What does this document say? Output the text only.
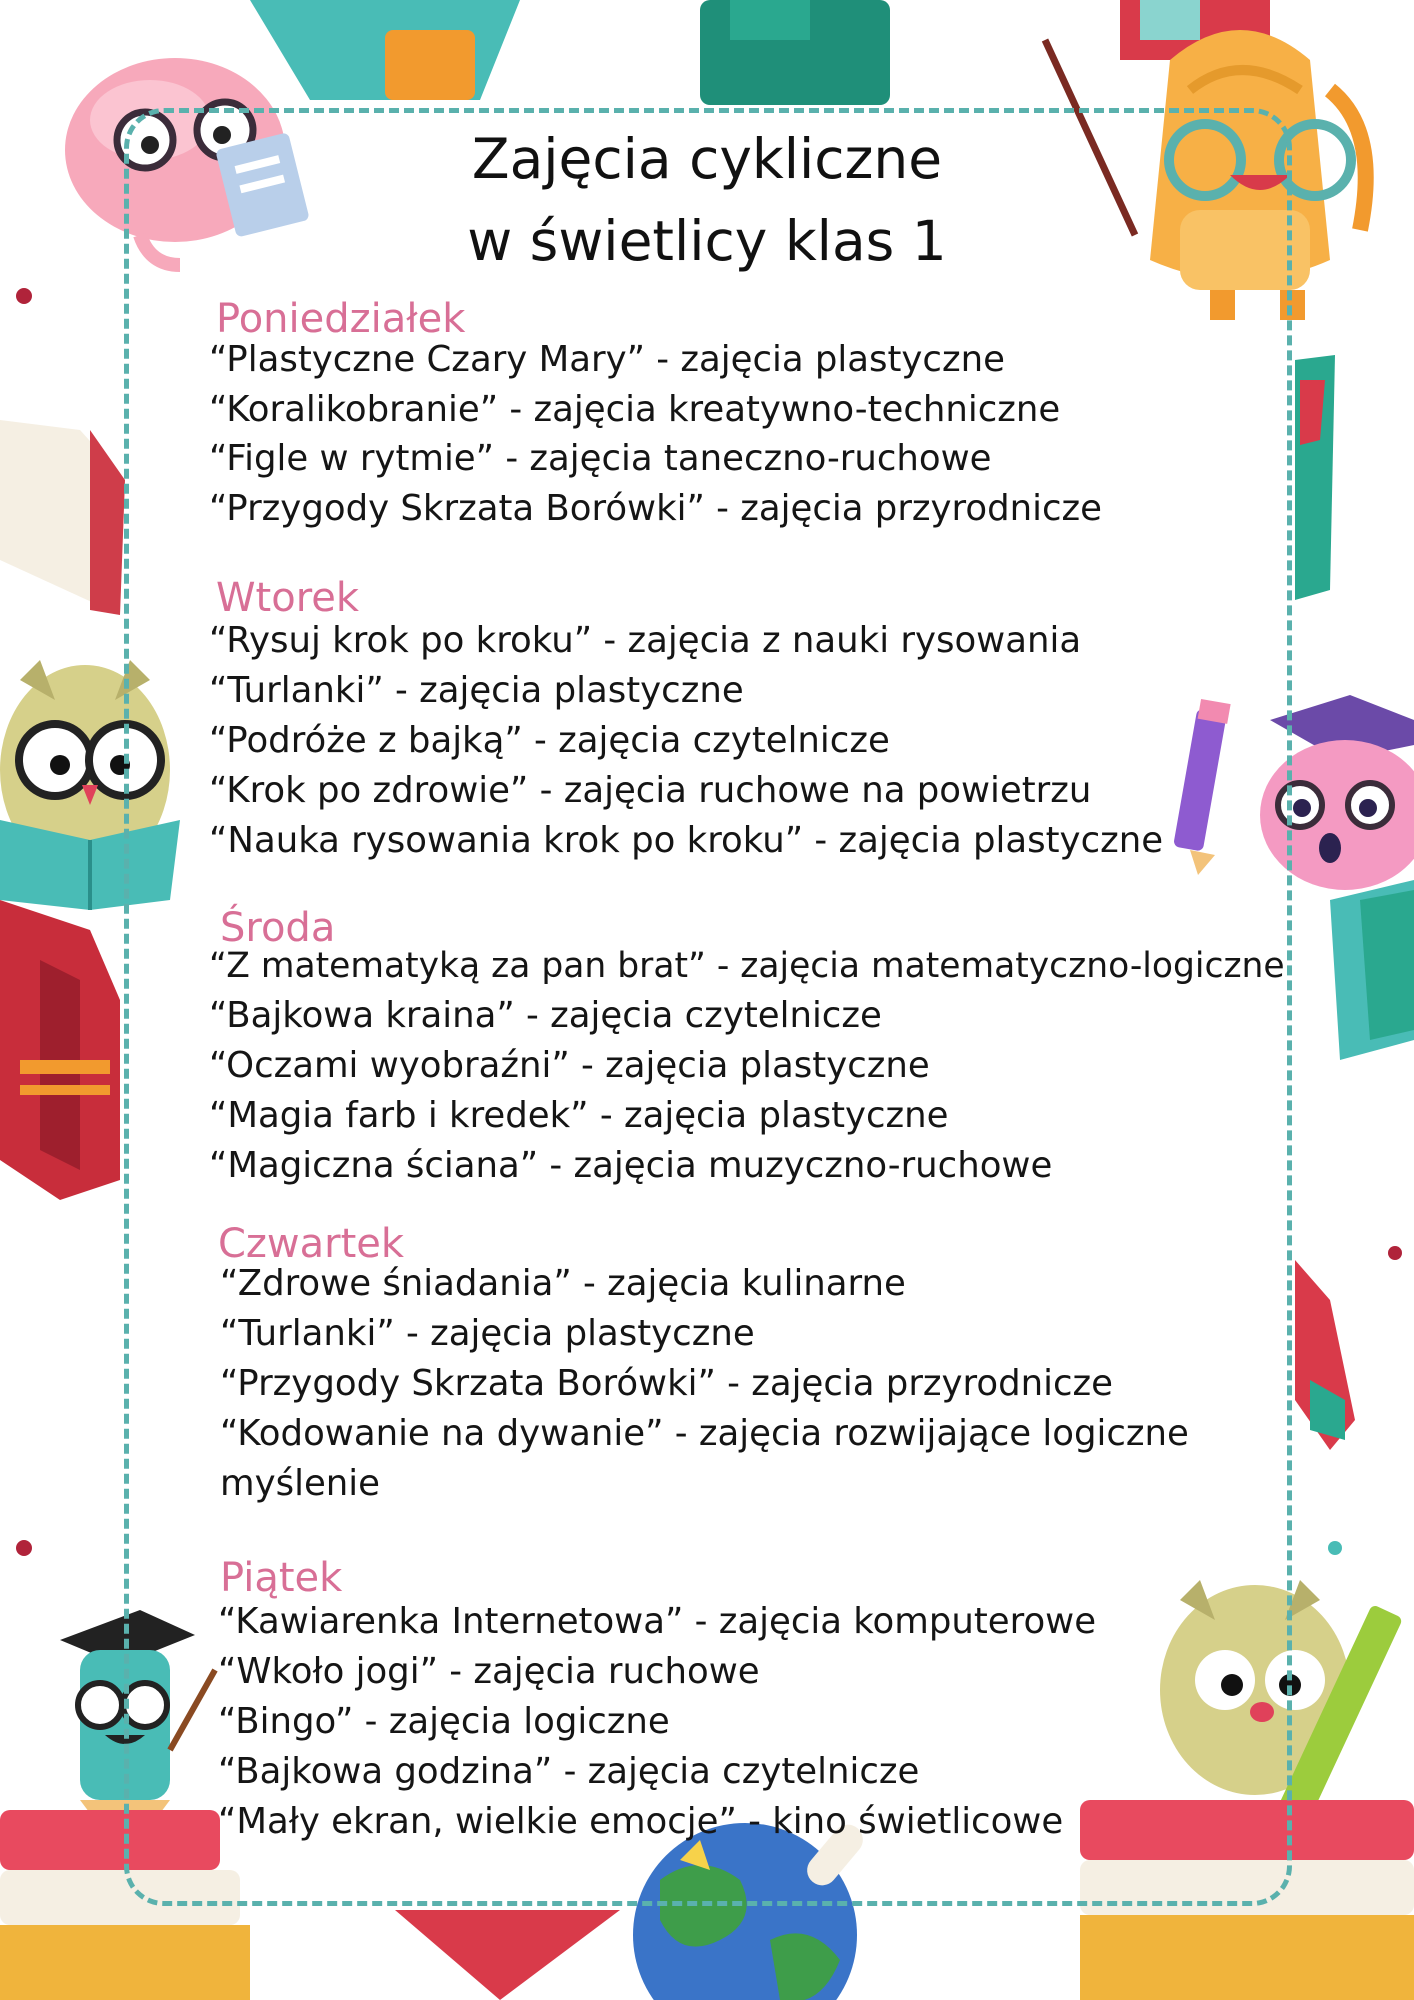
Zajęcia cykliczne
w świetlicy klas 1
Poniedziałek
“Plastyczne Czary Mary” - zajęcia plastyczne
“Koralikobranie” - zajęcia kreatywno-techniczne
“Figle w rytmie” - zajęcia taneczno-ruchowe
“Przygody Skrzata Borówki” - zajęcia przyrodnicze
Wtorek
“Rysuj krok po kroku” - zajęcia z nauki rysowania
“Turlanki” - zajęcia plastyczne
“Podróże z bajką” - zajęcia czytelnicze
“Krok po zdrowie” - zajęcia ruchowe na powietrzu
“Nauka rysowania krok po kroku” - zajęcia plastyczne
Środa
“Z matematyką za pan brat” - zajęcia matematyczno-logiczne
“Bajkowa kraina” - zajęcia czytelnicze
“Oczami wyobraźni” - zajęcia plastyczne
“Magia farb i kredek” - zajęcia plastyczne
“Magiczna ściana” - zajęcia muzyczno-ruchowe
Czwartek
“Zdrowe śniadania” - zajęcia kulinarne
“Turlanki” - zajęcia plastyczne
“Przygody Skrzata Borówki” - zajęcia przyrodnicze
“Kodowanie na dywanie” - zajęcia rozwijające logiczne
myślenie
Piątek
“Kawiarenka Internetowa” - zajęcia komputerowe
“Wkoło jogi” - zajęcia ruchowe
“Bingo” - zajęcia logiczne
“Bajkowa godzina” - zajęcia czytelnicze
“Mały ekran, wielkie emocje” - kino świetlicowe
